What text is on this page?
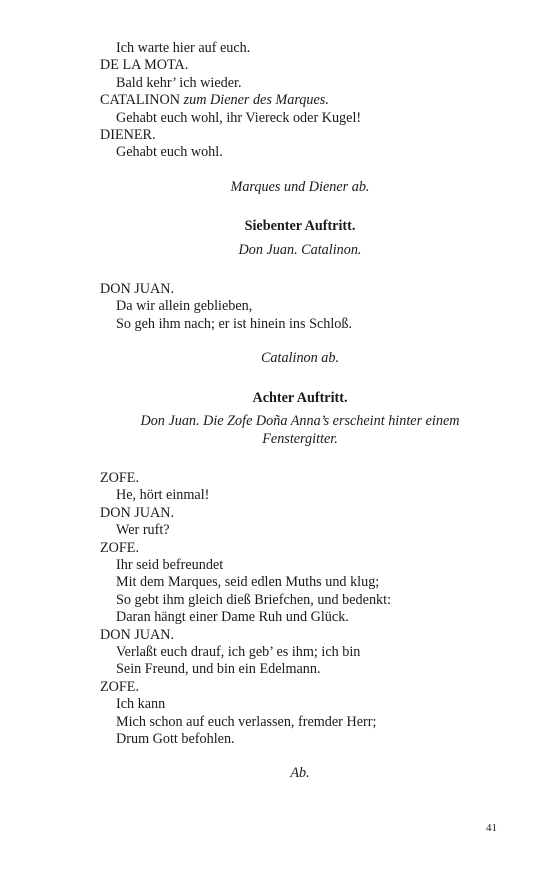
Ich warte hier auf euch.
DE LA MOTA.
Bald kehr’ ich wieder.
CATALINON zum Diener des Marques.
Gehabt euch wohl, ihr Viereck oder Kugel!
DIENER.
Gehabt euch wohl.
Marques und Diener ab.
Siebenter Auftritt.
Don Juan. Catalinon.
DON JUAN.
Da wir allein geblieben,
So geh ihm nach; er ist hinein ins Schloß.
Catalinon ab.
Achter Auftritt.
Don Juan. Die Zofe Doña Anna’s erscheint hinter einem Fenstergitter.
ZOFE.
He, hört einmal!
DON JUAN.
Wer ruft?
ZOFE.
Ihr seid befreundet
Mit dem Marques, seid edlen Muths und klug;
So gebt ihm gleich dieß Briefchen, und bedenkt:
Daran hängt einer Dame Ruh und Glück.
DON JUAN.
Verlaßt euch drauf, ich geb’ es ihm; ich bin
Sein Freund, und bin ein Edelmann.
ZOFE.
Ich kann
Mich schon auf euch verlassen, fremder Herr;
Drum Gott befohlen.
Ab.
41
